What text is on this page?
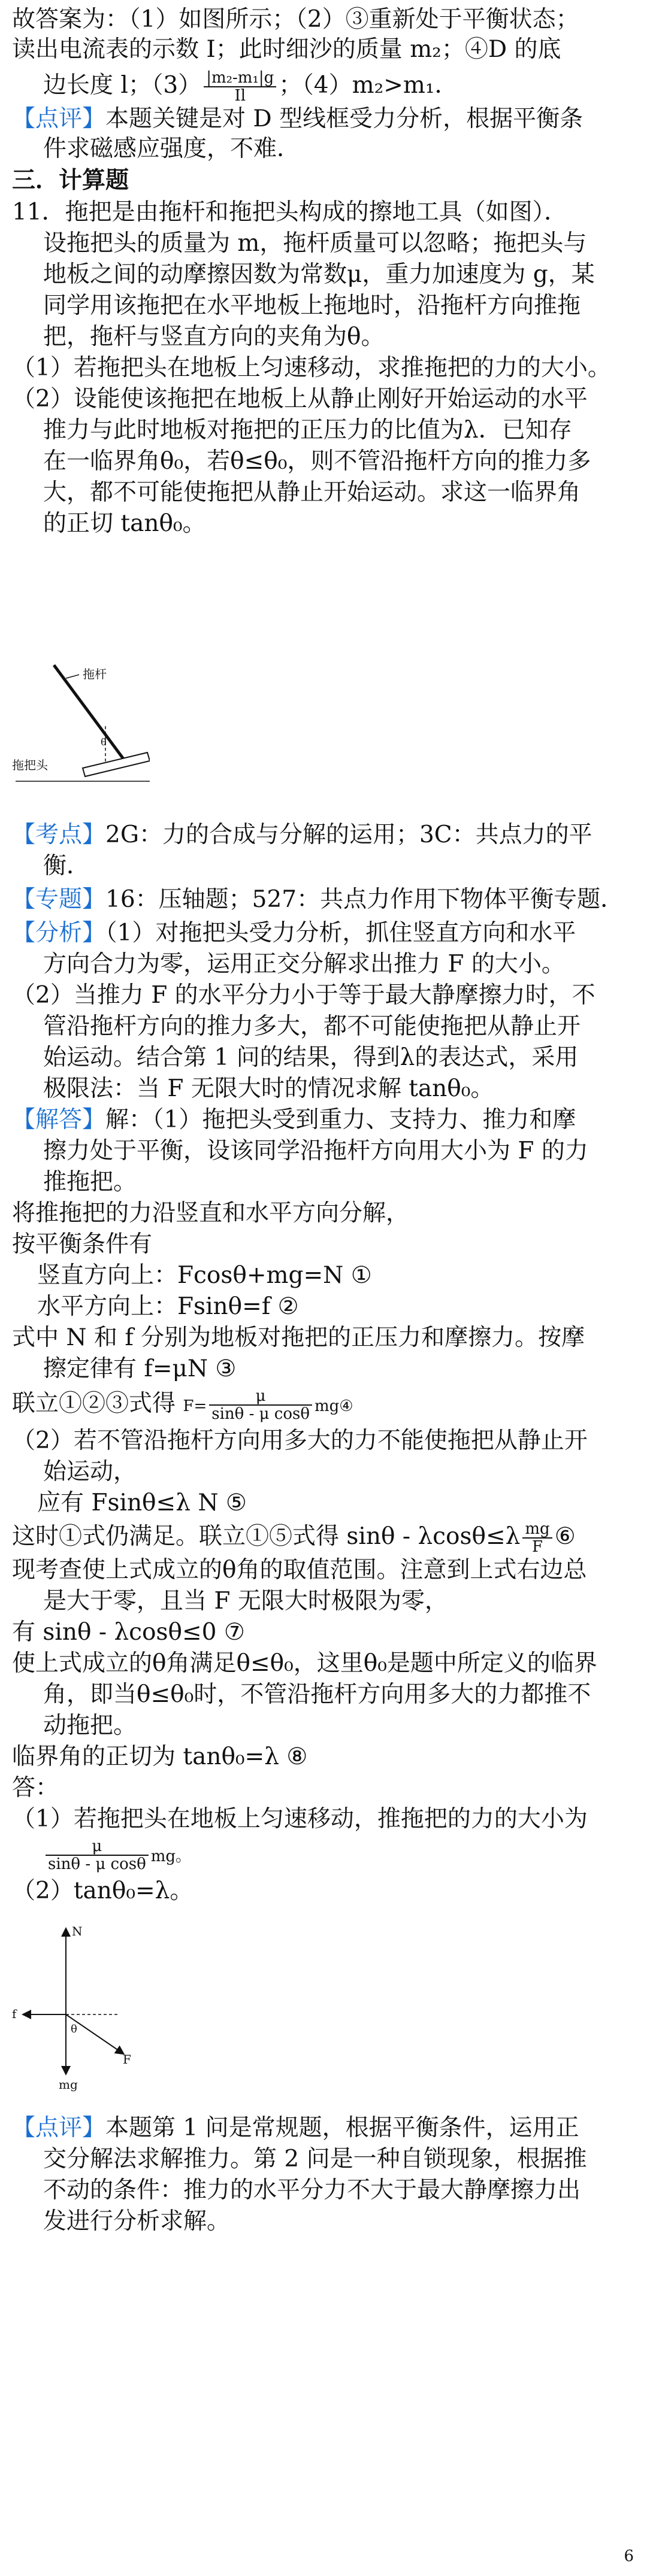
故答案为：（1）如图所示；（2）③重新处于平衡状态；
读出电流表的示数 I；此时细沙的质量 m₂；④D 的底
边长度 l；$(3) \frac{\text{|m₂-m₁|g}}{Il}$ ；（4）m₂>m₁．
【点评】本题关键是对 D 型线框受力分析，根据平衡条
件求磁感应强度，不难．
三．计算题
11．拖把是由拖杆和拖把头构成的擦地工具（如图）．
设拖把头的质量为 m，拖杆质量可以忽略；拖把头与
地板之间的动摩擦因数为常数μ，重力加速度为 g，某
同学用该拖把在水平地板上拖地时，沿拖杆方向推拖
把，拖杆与竖直方向的夹角为θ。
（1）若拖把头在地板上匀速移动，求推拖把的力的大小。
（2）设能使该拖把在地板上从静止刚好开始运动的水平
推力与此时地板对拖把的正压力的比值为λ．已知存
在一临界角θ₀，若θ≤θ₀，则不管沿拖杆方向的推力多
大，都不可能使拖把从静止开始运动。求这一临界角
的正切 tanθ₀。
拖杆
θ
拖把头
【考点】2G：力的合成与分解的运用；3C：共点力的平
衡．
【专题】16：压轴题；527：共点力作用下物体平衡专题．
【分析】（1）对拖把头受力分析，抓住竖直方向和水平
方向合力为零，运用正交分解求出推力 F 的大小。
（2）当推力 F 的水平分力小于等于最大静摩擦力时，不
管沿拖杆方向的推力多大，都不可能使拖把从静止开
始运动。结合第 1 问的结果，得到λ的表达式，采用
极限法：当 F 无限大时的情况求解 tanθ₀。
【解答】解：（1）拖把头受到重力、支持力、推力和摩
擦力处于平衡，设该同学沿拖杆方向用大小为 F 的力
推拖把。
将推拖把的力沿竖直和水平方向分解，
按平衡条件有
竖直方向上：Fcosθ+mg=N ①
水平方向上：Fsinθ=f ②
式中 N 和 f 分别为地板对拖把的正压力和摩擦力。按摩
擦定律有 f=μN ③
联立①②③式得 $F= \frac{\mu}{\text{sinθ - μ cosθ}}$ mg④
（2）若不管沿拖杆方向用多大的力不能使拖把从静止开
始运动，
应有 Fsinθ≤λ N ⑤
这时①式仍满足。联立①⑤式得 $\sin\theta - \lambda\cos\theta\le\lambda \frac{mg}{F}$ ⑥
现考查使上式成立的θ角的取值范围。注意到上式右边总
是大于零，且当 F 无限大时极限为零，
有 sinθ - λcosθ≤0 ⑦
使上式成立的θ角满足θ≤θ₀，这里θ₀是题中所定义的临界
角，即当θ≤θ₀时，不管沿拖杆方向用多大的力都推不
动拖把。
临界角的正切为 tanθ₀=λ ⑧
答：
（1）若拖把头在地板上匀速移动，推拖把的力的大小为
$\frac{\mu}{\text{sinθ - μ cosθ}}$ mg。
（2）tanθ₀=λ。
N
f
F
θ
mg
【点评】本题第 1 问是常规题，根据平衡条件，运用正
交分解法求解推力。第 2 问是一种自锁现象，根据推
不动的条件：推力的水平分力不大于最大静摩擦力出
发进行分析求解。
6
